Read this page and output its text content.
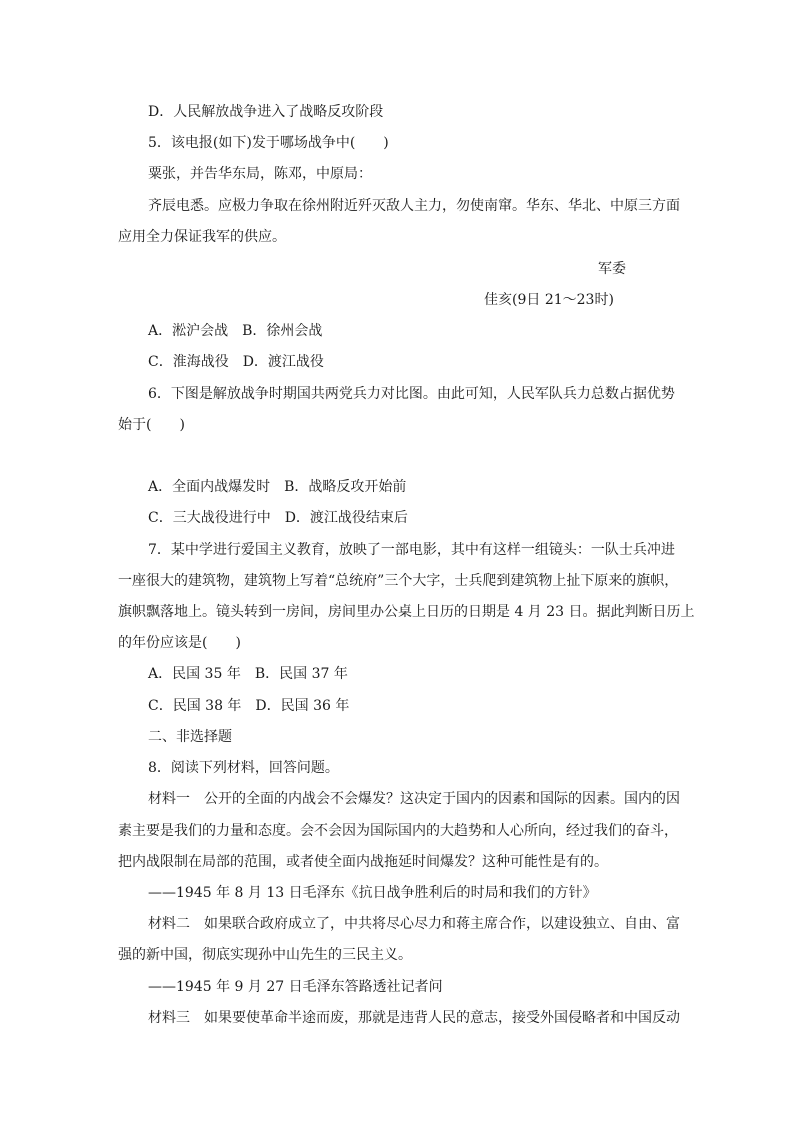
D．人民解放战争进入了战略反攻阶段
5．该电报(如下)发于哪场战争中(　　)
粟张，并告华东局，陈邓，中原局：
齐辰电悉。应极力争取在徐州附近歼灭敌人主力，勿使南窜。华东、华北、中原三方面
应用全力保证我军的供应。
军委
佳亥(9日 21～23时)
A．淞沪会战　B．徐州会战
C．淮海战役　D．渡江战役
6．下图是解放战争时期国共两党兵力对比图。由此可知，人民军队兵力总数占据优势
始于(　　)
A．全面内战爆发时　B．战略反攻开始前
C．三大战役进行中　D．渡江战役结束后
7．某中学进行爱国主义教育，放映了一部电影，其中有这样一组镜头：一队士兵冲进
一座很大的建筑物，建筑物上写着“总统府”三个大字，士兵爬到建筑物上扯下原来的旗帜，
旗帜飘落地上。镜头转到一房间，房间里办公桌上日历的日期是 4 月 23 日。据此判断日历上
的年份应该是(　　)
A．民国 35 年　B．民国 37 年
C．民国 38 年　D．民国 36 年
二、非选择题
8．阅读下列材料，回答问题。
材料一　公开的全面的内战会不会爆发？这决定于国内的因素和国际的因素。国内的因
素主要是我们的力量和态度。会不会因为国际国内的大趋势和人心所向，经过我们的奋斗，
把内战限制在局部的范围，或者使全面内战拖延时间爆发？这种可能性是有的。
——1945 年 8 月 13 日毛泽东《抗日战争胜利后的时局和我们的方针》
材料二　如果联合政府成立了，中共将尽心尽力和蒋主席合作，以建设独立、自由、富
强的新中国，彻底实现孙中山先生的三民主义。
——1945 年 9 月 27 日毛泽东答路透社记者问
材料三　如果要使革命半途而废，那就是违背人民的意志，接受外国侵略者和中国反动
